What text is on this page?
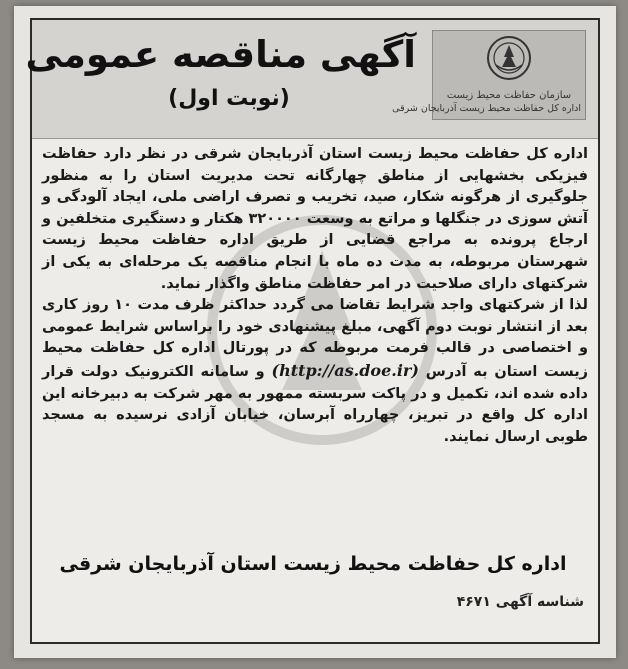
سازمان حفاظت محیط زیست
اداره کل حفاظت محیط زیست آذربایجان شرقی
آگهی مناقصه عمومی
(نوبت اول)

اداره کل حفاظت محیط زیست استان آذربایجان شرقی در نظر دارد حفاظت فیزیکی بخشهایی از مناطق چهارگانه تحت مدیریت استان را به منظور جلوگیری از هرگونه شکار، صید، تخریب و تصرف اراضی ملی، ایجاد آلودگی و آتش سوزی در جنگلها و مراتع به وسعت ۳۲۰۰۰۰ هکتار و دستگیری متخلفین و ارجاع پرونده به مراجع قضایی از طریق اداره حفاظت محیط زیست شهرستان مربوطه، به مدت ده ماه با انجام مناقصه یک مرحله‌ای به یکی از شرکتهای دارای صلاحیت در امر حفاظت مناطق واگذار نماید.

لذا از شرکتهای واجد شرایط تقاضا می گردد حداکثر ظرف مدت ۱۰ روز کاری بعد از انتشار نوبت دوم آگهی، مبلغ پیشنهادی خود را براساس شرایط عمومی و اختصاصی در قالب فرمت مربوطه که در پورتال اداره کل حفاظت محیط زیست استان به آدرس (http://as.doe.ir) و سامانه الکترونیک دولت قرار داده شده اند، تکمیل و در پاکت سربسته ممهور به مهر شرکت به دبیرخانه این اداره کل واقع در تبریز، چهارراه آبرسان، خیابان آزادی نرسیده به مسجد طوبی ارسال نمایند.

اداره کل حفاظت محیط زیست استان آذربایجان شرقی
شناسه آگهی ۴۶۷۱
